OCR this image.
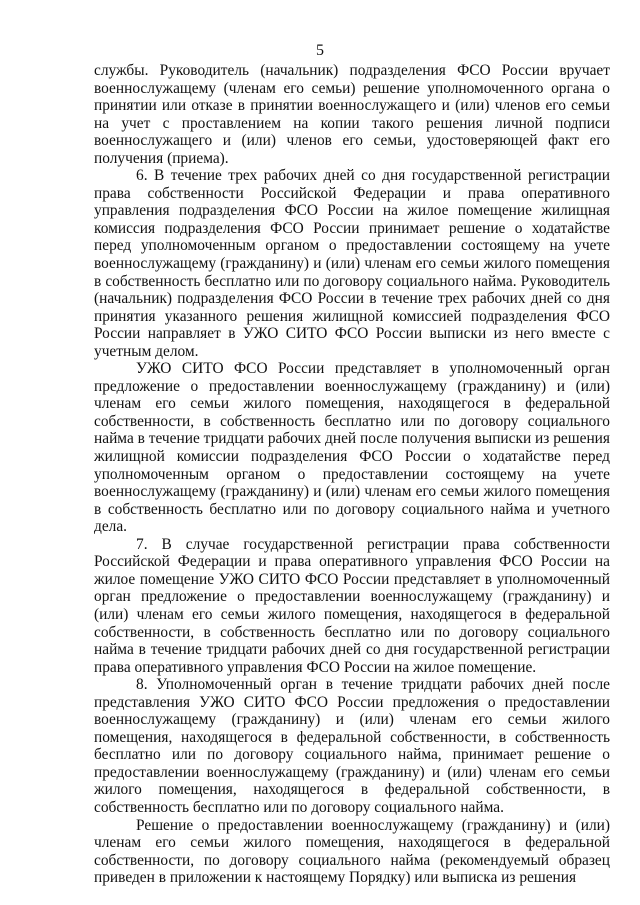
5

службы. Руководитель (начальник) подразделения ФСО России вручает военнослужащему (членам его семьи) решение уполномоченного органа о принятии или отказе в принятии военнослужащего и (или) членов его семьи на учет с проставлением на копии такого решения личной подписи военнослужащего и (или) членов его семьи, удостоверяющей факт его получения (приема).

6. В течение трех рабочих дней со дня государственной регистрации права собственности Российской Федерации и права оперативного управления подразделения ФСО России на жилое помещение жилищная комиссия подразделения ФСО России принимает решение о ходатайстве перед уполномоченным органом о предоставлении состоящему на учете военнослужащему (гражданину) и (или) членам его семьи жилого помещения в собственность бесплатно или по договору социального найма. Руководитель (начальник) подразделения ФСО России в течение трех рабочих дней со дня принятия указанного решения жилищной комиссией подразделения ФСО России направляет в УЖО СИТО ФСО России выписки из него вместе с учетным делом.

УЖО СИТО ФСО России представляет в уполномоченный орган предложение о предоставлении военнослужащему (гражданину) и (или) членам его семьи жилого помещения, находящегося в федеральной собственности, в собственность бесплатно или по договору социального найма в течение тридцати рабочих дней после получения выписки из решения жилищной комиссии подразделения ФСО России о ходатайстве перед уполномоченным органом о предоставлении состоящему на учете военнослужащему (гражданину) и (или) членам его семьи жилого помещения в собственность бесплатно или по договору социального найма и учетного дела.

7. В случае государственной регистрации права собственности Российской Федерации и права оперативного управления ФСО России на жилое помещение УЖО СИТО ФСО России представляет в уполномоченный орган предложение о предоставлении военнослужащему (гражданину) и (или) членам его семьи жилого помещения, находящегося в федеральной собственности, в собственность бесплатно или по договору социального найма в течение тридцати рабочих дней со дня государственной регистрации права оперативного управления ФСО России на жилое помещение.

8. Уполномоченный орган в течение тридцати рабочих дней после представления УЖО СИТО ФСО России предложения о предоставлении военнослужащему (гражданину) и (или) членам его семьи жилого помещения, находящегося в федеральной собственности, в собственность бесплатно или по договору социального найма, принимает решение о предоставлении военнослужащему (гражданину) и (или) членам его семьи жилого помещения, находящегося в федеральной собственности, в собственность бесплатно или по договору социального найма.

Решение о предоставлении военнослужащему (гражданину) и (или) членам его семьи жилого помещения, находящегося в федеральной собственности, по договору социального найма (рекомендуемый образец приведен в приложении к настоящему Порядку) или выписка из решения
